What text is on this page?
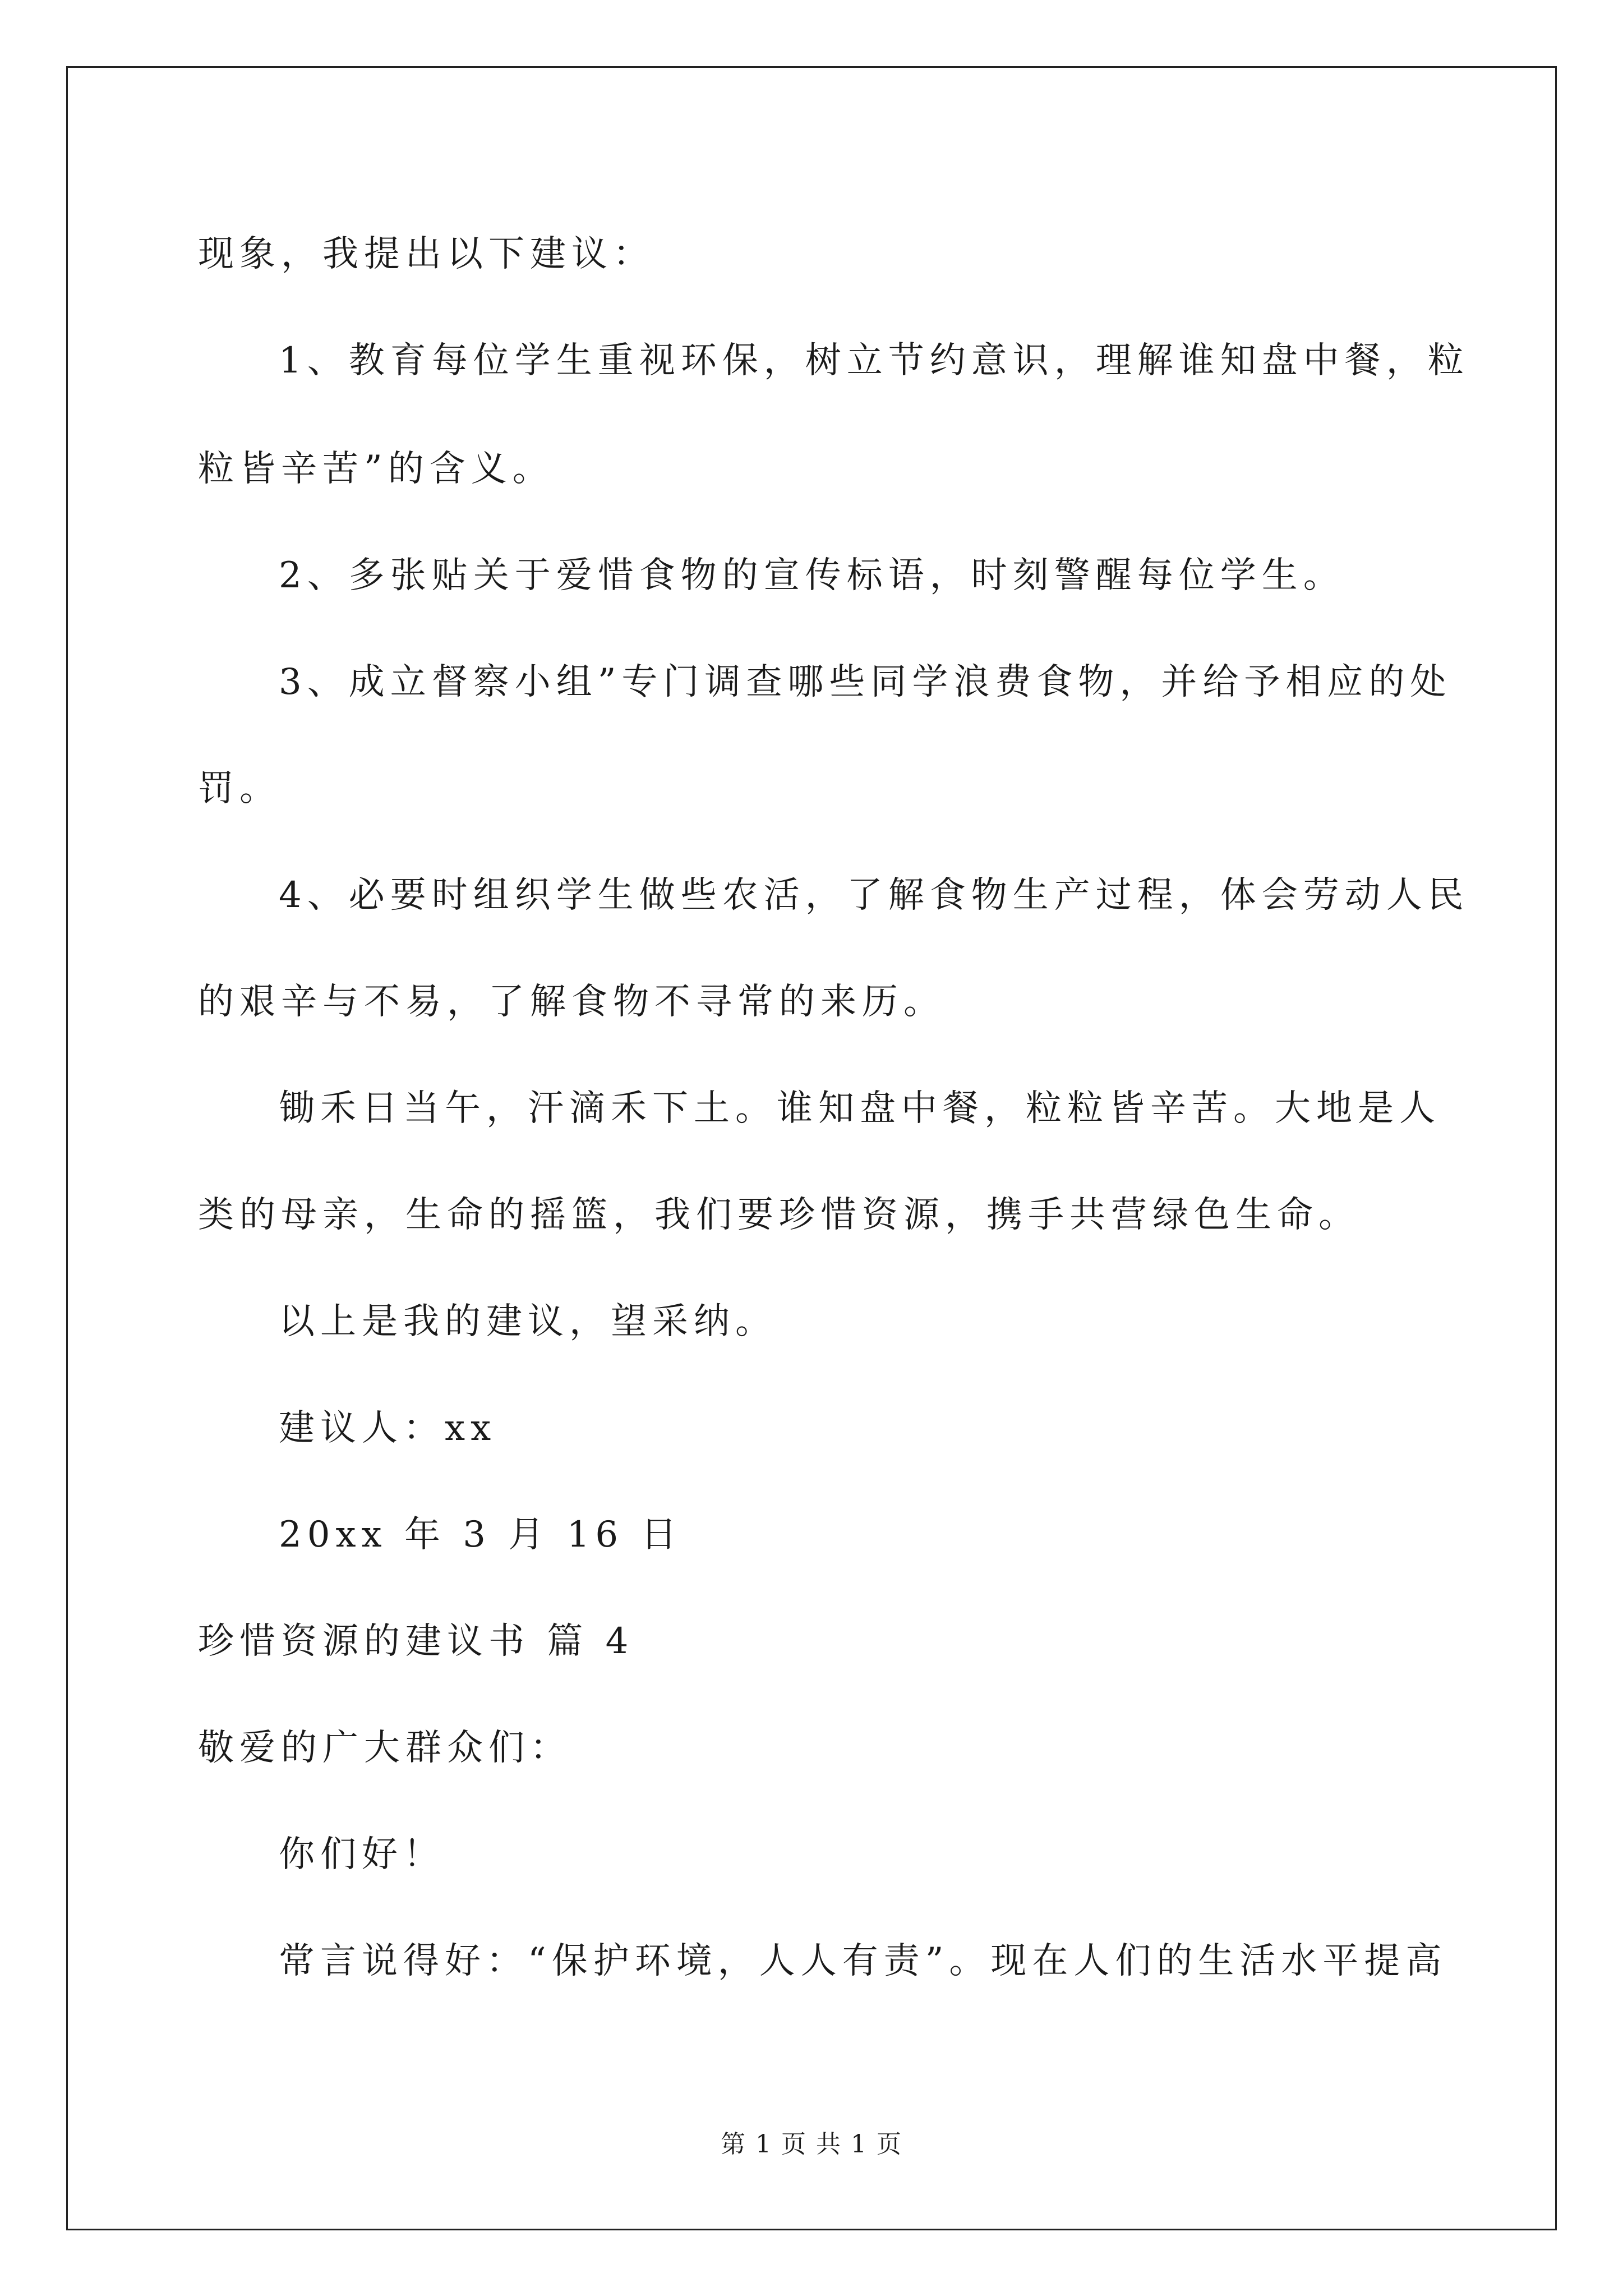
现象，我提出以下建议：
1、教育每位学生重视环保，树立节约意识，理解谁知盘中餐，粒
粒皆辛苦”的含义。
2、多张贴关于爱惜食物的宣传标语，时刻警醒每位学生。
3、成立督察小组”专门调查哪些同学浪费食物，并给予相应的处
罚。
4、必要时组织学生做些农活，了解食物生产过程，体会劳动人民
的艰辛与不易，了解食物不寻常的来历。
锄禾日当午，汗滴禾下土。谁知盘中餐，粒粒皆辛苦。大地是人
类的母亲，生命的摇篮，我们要珍惜资源，携手共营绿色生命。
以上是我的建议，望采纳。
建议人：xx
20xx 年 3 月 16 日
珍惜资源的建议书 篇 4
敬爱的广大群众们：
你们好！
常言说得好：“保护环境，人人有责”。现在人们的生活水平提高
第 1 页 共 1 页
